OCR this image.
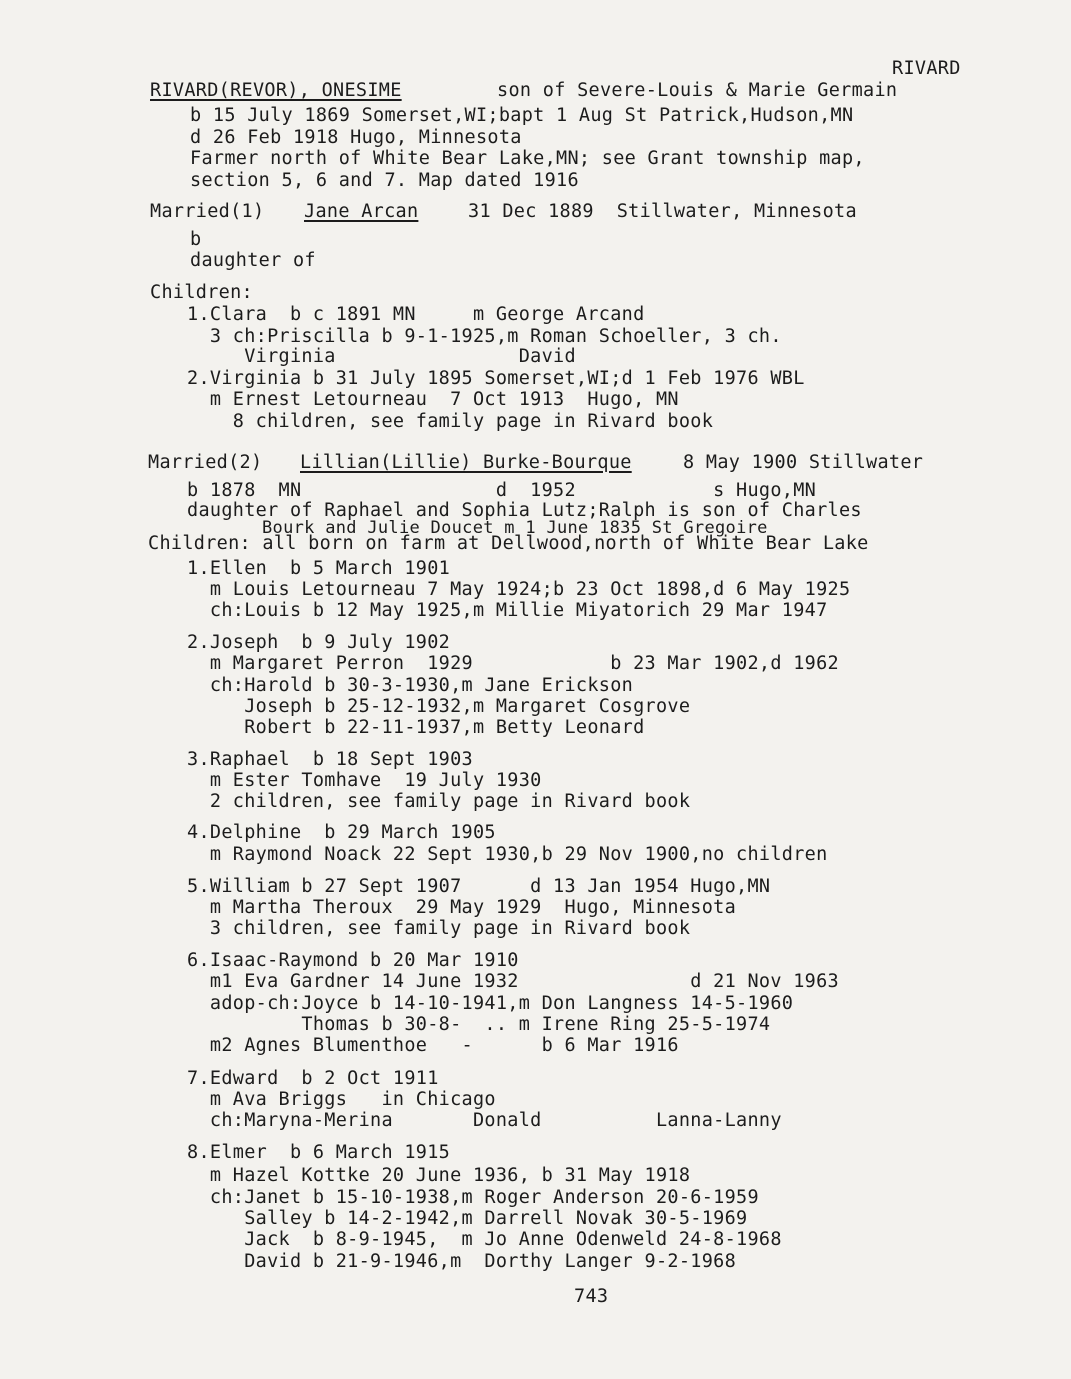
RIVARD
RIVARD(REVOR), ONESIME	son of Severe-Louis & Marie Germain
b 15 July 1869 Somerset,WI;bapt 1 Aug St Patrick,Hudson,MN
d 26 Feb 1918 Hugo, Minnesota
Farmer north of White Bear Lake,MN; see Grant township map,
section 5, 6 and 7. Map dated 1916
Married(1) Jane Arcan	31 Dec 1889  Stillwater, Minnesota
b
daughter of
Children:
1.Clara  b c 1891 MN     m George Arcand
3 ch:Pri̇scilla b 9-1-1925,m Roman Schoeller, 3 ch.
Virginia                David
2.Virginia b 31 July 1895 Somerset,WI;d 1 Feb 1976 WBL
m Ernest Letourneau  7 Oct 1913  Hugo, MN
8 children, see family page in Rivard book
Married(2) Lillian(Lillie) Burke-Bourque	8 May 1900 Stillwater
b 1878  MN                 d  1952            s Hugo,MN
daughter of Raphael and Sophia Lutz;Ralph is son of Charles
Bourk and Julie Doucet m 1 June 1835 St Gregoire
Children: all born on farm at Dellwood,north of White Bear Lake
1.Ellen  b 5 March 1901
m Louis Letourneau 7 May 1924;b 23 Oct 1898,d 6 May 1925
ch:Louis b 12 May 1925,m Millie Miyatorich 29 Mar 1947
2.Joseph  b 9 July 1902
m Margaret Perron  1929            b 23 Mar 1902,d 1962
ch:Harold b 30-3-1930,m Jane Erickson
Joseph b 25-12-1932,m Margaret Cosgrove
Robert b 22-11-1937,m Betty Leonard
3.Raphael  b 18 Sept 1903
m Ester Tomhave  19 July 1930
2 children, see family page in Rivard book
4.Delphine  b 29 March 1905
m Raymond Noack 22 Sept 1930,b 29 Nov 1900,no children
5.William b 27 Sept 1907      d 13 Jan 1954 Hugo,MN
m Martha Theroux  29 May 1929  Hugo, Minnesota
3 children, see family page in Rivard book
6.Isaac-Raymond b 20 Mar 1910
m1 Eva Gardner 14 June 1932               d 21 Nov 1963
adop-ch:Joyce b 14-10-1941,m Don Langness 14-5-1960
Thomas b 30-8-  .. m Irene Ring 25-5-1974
m2 Agnes Blumenthoe   -      b 6 Mar 1916
7.Edward  b 2 Oct 1911
m Ava Briggs   in Chicago
ch:Maryna-Merina       Donald          Lanna-Lanny
8.Elmer  b 6 March 1915
m Hazel Kottke 20 June 1936, b 31 May 1918
ch:Janet b 15-10-1938,m Roger Anderson 20-6-1959
Salley b 14-2-1942,m Darrell Novak 30-5-1969
Jack  b 8-9-1945,  m Jo Anne Odenweld 24-8-1968
David b 21-9-1946,m  Dorthy Langer 9-2-1968
743
